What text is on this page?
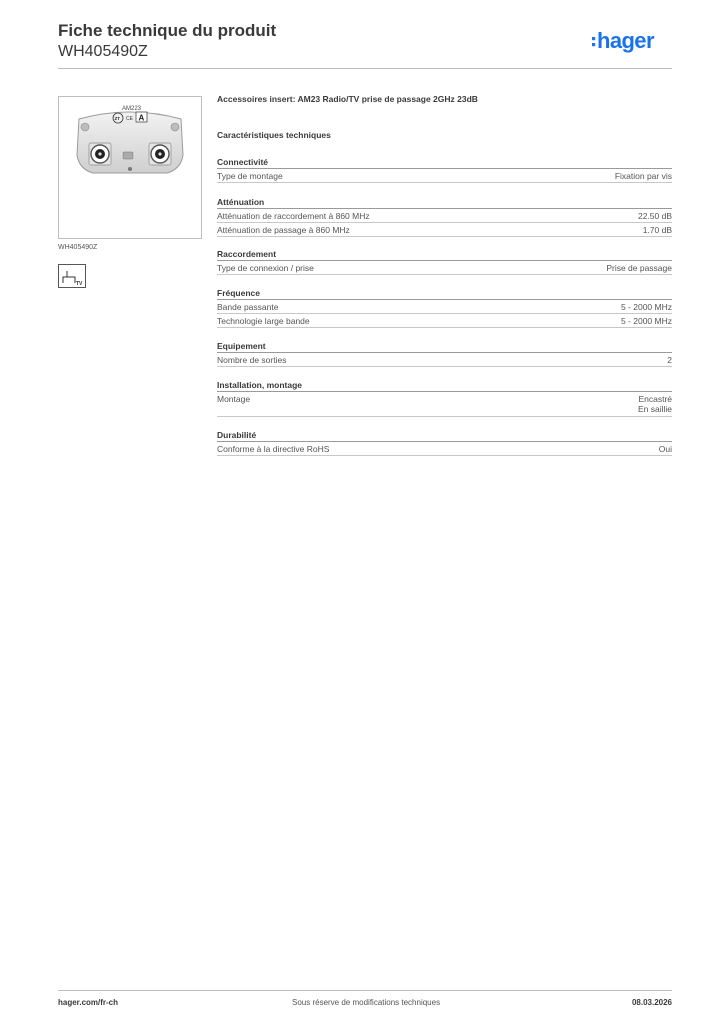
Fiche technique du produit
WH405490Z	hager
AM223
ZT CE A
WH405490Z
TV
Accessoires insert: AM23 Radio/TV prise de passage 2GHz 23dB
Caractéristiques techniques
Connectivité
Type de montage	Fixation par vis
Atténuation
Atténuation de raccordement à 860 MHz	22.50 dB
Atténuation de passage à 860 MHz	1.70 dB
Raccordement
Type de connexion / prise	Prise de passage
Fréquence
Bande passante	5 - 2000 MHz
Technologie large bande	5 - 2000 MHz
Equipement
Nombre de sorties	2
Installation, montage
Montage	Encastré
En saillie
Durabilité
Conforme à la directive RoHS	Oui
hager.com/fr-ch	Sous réserve de modifications techniques	08.03.2026
